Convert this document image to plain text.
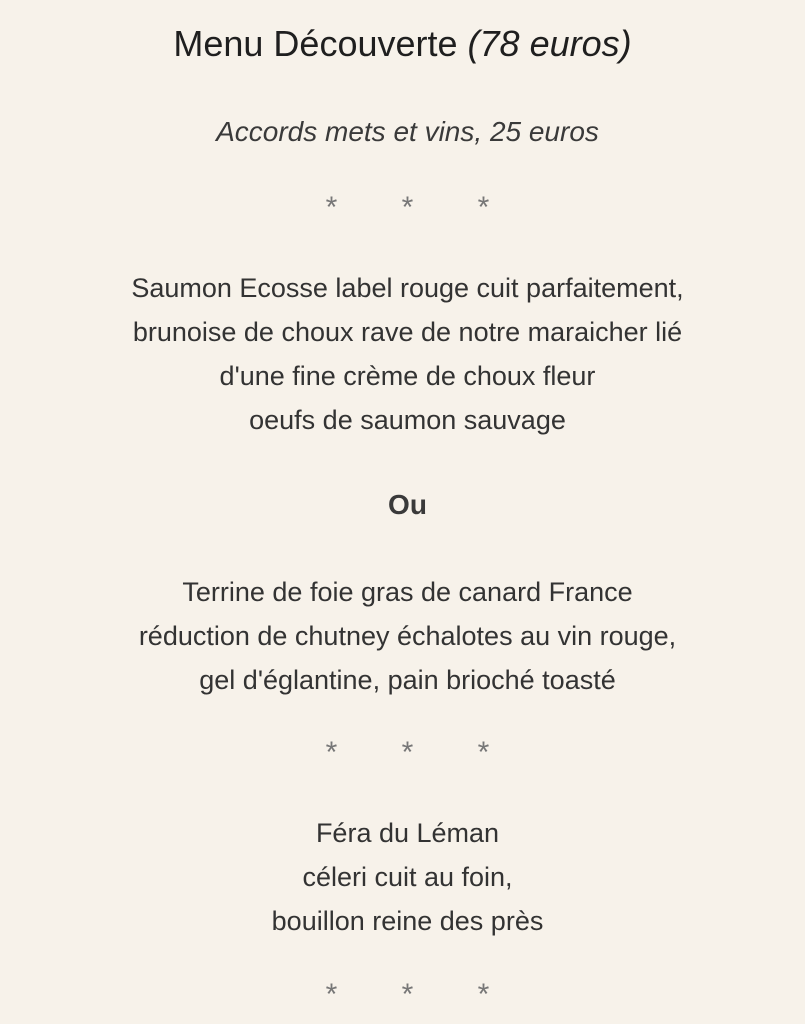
Menu Découverte (78 euros)
Accords mets et vins, 25 euros
* * *
Saumon Ecosse label rouge cuit parfaitement,
brunoise de choux rave de notre maraicher lié
d'une fine crème de choux fleur
oeufs de saumon sauvage
Ou
Terrine de foie gras de canard France
réduction de chutney échalotes au vin rouge,
gel d'églantine, pain brioché toasté
* * *
Féra du Léman
céleri cuit au foin,
bouillon reine des près
* * *
